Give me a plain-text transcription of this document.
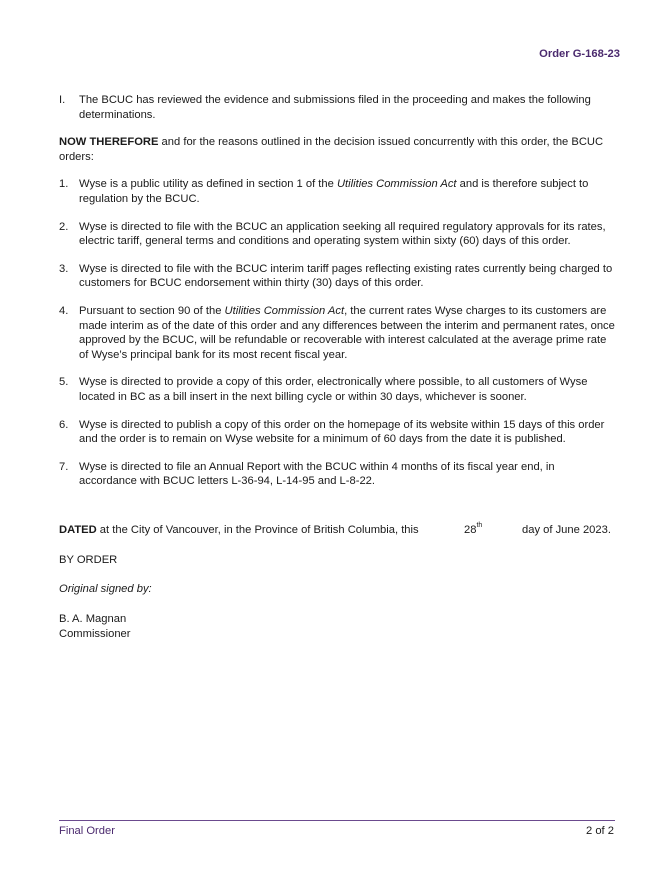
Order G-168-23
I. The BCUC has reviewed the evidence and submissions filed in the proceeding and makes the following determinations.

NOW THEREFORE and for the reasons outlined in the decision issued concurrently with this order, the BCUC orders:

1. Wyse is a public utility as defined in section 1 of the Utilities Commission Act and is therefore subject to regulation by the BCUC.

2. Wyse is directed to file with the BCUC an application seeking all required regulatory approvals for its rates, electric tariff, general terms and conditions and operating system within sixty (60) days of this order.

3. Wyse is directed to file with the BCUC interim tariff pages reflecting existing rates currently being charged to customers for BCUC endorsement within thirty (30) days of this order.

4. Pursuant to section 90 of the Utilities Commission Act, the current rates Wyse charges to its customers are made interim as of the date of this order and any differences between the interim and permanent rates, once approved by the BCUC, will be refundable or recoverable with interest calculated at the average prime rate of Wyse’s principal bank for its most recent fiscal year.

5. Wyse is directed to provide a copy of this order, electronically where possible, to all customers of Wyse located in BC as a bill insert in the next billing cycle or within 30 days, whichever is sooner.

6. Wyse is directed to publish a copy of this order on the homepage of its website within 15 days of this order and the order is to remain on Wyse website for a minimum of 60 days from the date it is published.

7. Wyse is directed to file an Annual Report with the BCUC within 4 months of its fiscal year end, in accordance with BCUC letters L-36-94, L-14-95 and L-8-22.

DATED at the City of Vancouver, in the Province of British Columbia, this	28th	day of June 2023.

BY ORDER

Original signed by:

B. A. Magnan

Commissioner

Final Order	2 of 2
